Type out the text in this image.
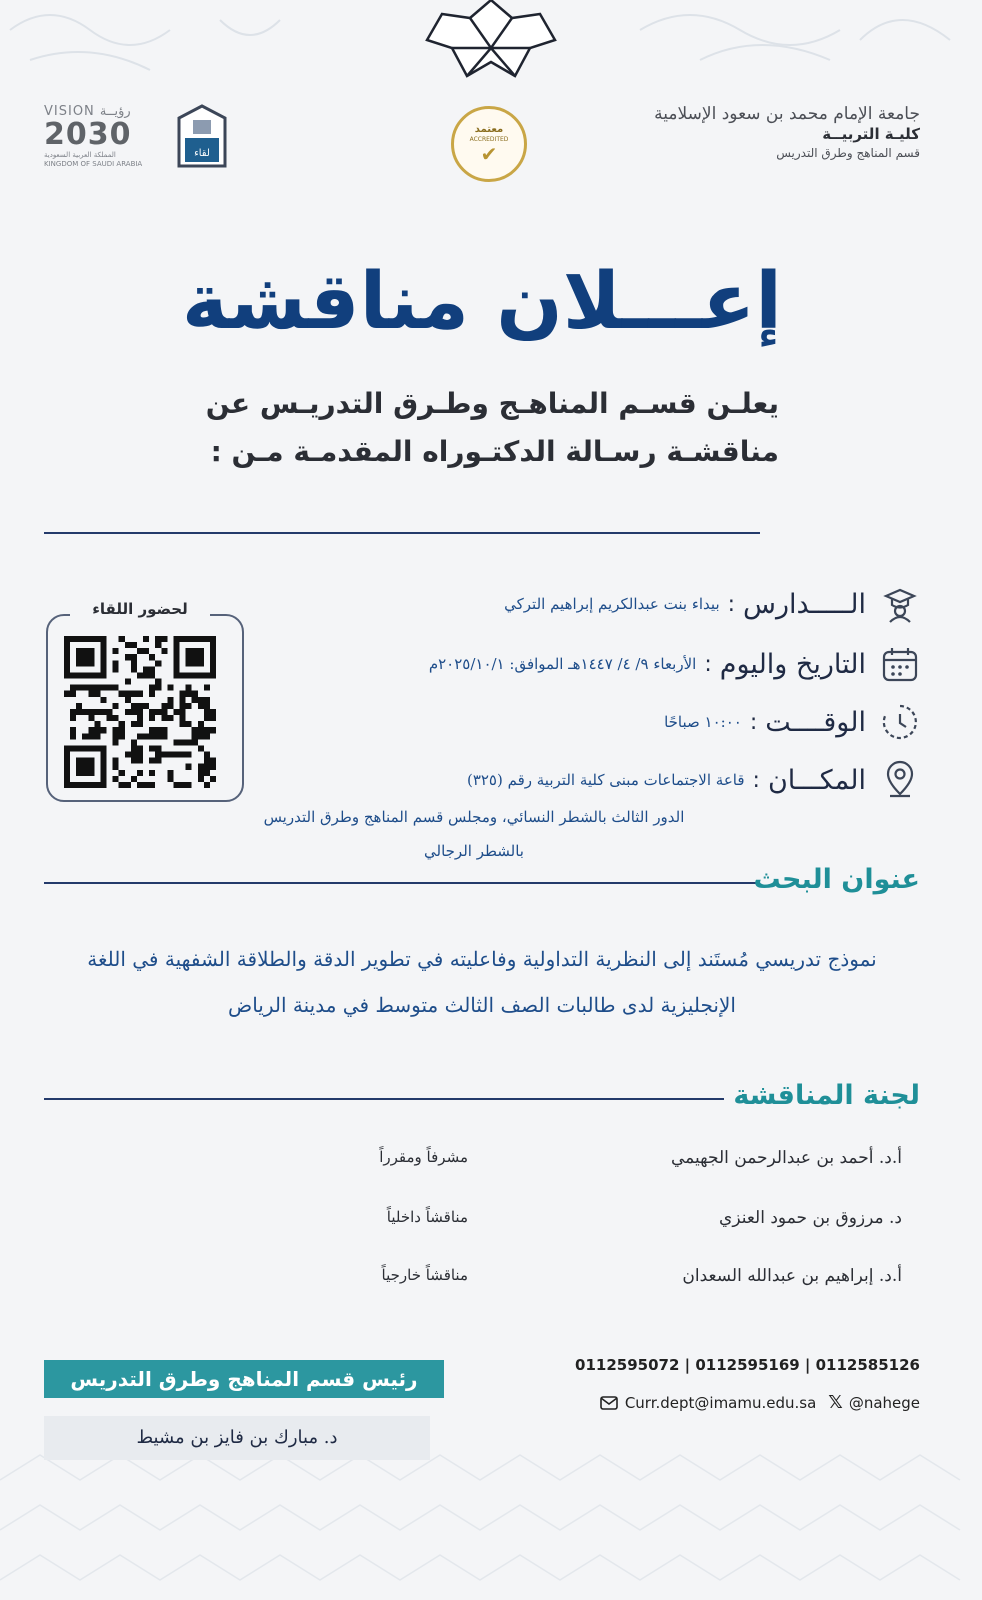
جامعة الإمام محمد بن سعود الإسلامية
كليـة التربيــة
قسم المناهج وطرق التدريس
معتمد
ACCREDITED
✔
لقاء
VISION رؤيــة
2030
المملكة العربية السعودية
KINGDOM OF SAUDI ARABIA
إعـــلان مناقشة
يعلـن قسـم المناهـج وطـرق التدريـس عن
مناقشـة رسـالة الدكتـوراه المقدمـة مـن :
الـــــدارس
:
بيداء بنت عبدالكريم إبراهيم التركي
التاريخ واليوم
:
الأربعاء ٩/ ٤/ ١٤٤٧هـ الموافق: ٢٠٢٥/١٠/١م
الوقــــت
:
١٠:٠٠ صباحًا
المكـــان
:
قاعة الاجتماعات مبنى كلية التربية رقم (٣٢٥)
الدور الثالث بالشطر النسائي، ومجلس قسم المناهج وطرق التدريس
بالشطر الرجالي
لحضور اللقاء
عنوان البحث
نموذج تدريسي مُستَند إلى النظرية التداولية وفاعليته في تطوير الدقة والطلاقة الشفهية في اللغة
الإنجليزية لدى طالبات الصف الثالث متوسط في مدينة الرياض
لجنة المناقشة
أ.د. أحمد بن عبدالرحمن الجهيمي
مشرفاً ومقرراً
د. مرزوق بن حمود العنزي
مناقشاً داخلياً
أ.د. إبراهيم بن عبدالله السعدان
مناقشاً خارجياً
0112595072 | 0112595169 | 0112585126
Curr.dept@imamu.edu.sa 𝕏 @nahege
رئيس قسم المناهج وطرق التدريس
د. مبارك بن فايز بن مشيط
